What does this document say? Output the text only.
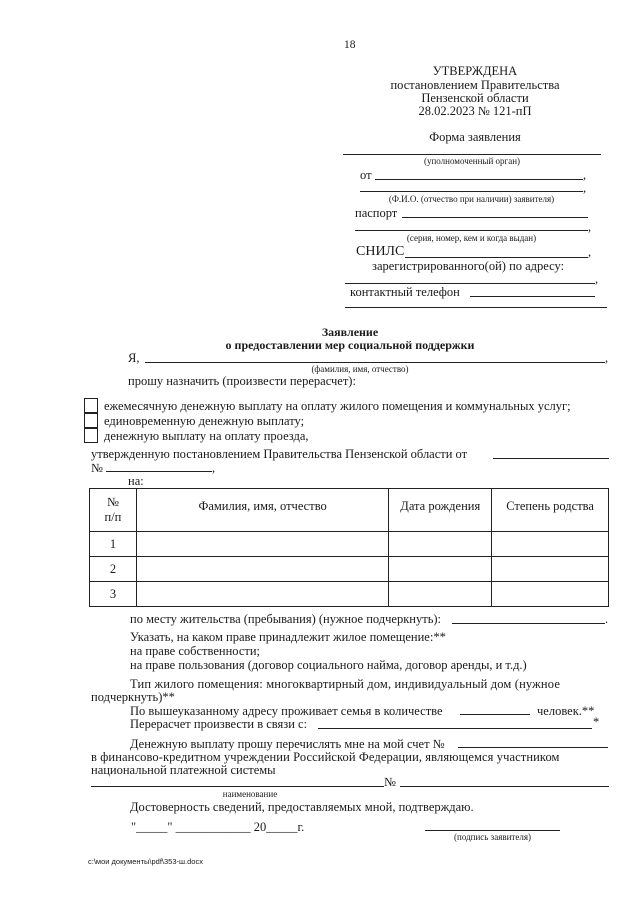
18
УТВЕРЖДЕНА
постановлением Правительства
Пензенской области
28.02.2023 № 121-пП
Форма заявления
(уполномоченный орган)
от	,
,
(Ф.И.О. (отчество при наличии) заявителя)
паспорт
,
(серия, номер, кем и когда выдан)
СНИЛС	,
зарегистрированного(ой) по адресу:
,
контактный телефон
Заявление
о предоставлении мер социальной поддержки
Я,	,
(фамилия, имя, отчество)
прошу назначить (произвести перерасчет):
ежемесячную денежную выплату на оплату жилого помещения и коммунальных услуг;
единовременную денежную выплату;
денежную выплату на оплату проезда,
утвержденную постановлением Правительства Пензенской области от
№	,
на:
№
п/п	Фамилия, имя, отчество	Дата рождения	Степень родства
1			
2			
3			
по месту жительства (пребывания) (нужное подчеркнуть):	.
Указать, на каком праве принадлежит жилое помещение:**
на праве собственности;
на праве пользования (договор социального найма, договор аренды, и т.д.)
Тип жилого помещения: многоквартирный дом, индивидуальный дом (нужное
подчеркнуть)**
По вышеуказанному адресу проживает семья в количестве	человек.**
Перерасчет произвести в связи с:	*
Денежную выплату прошу перечислять мне на мой счет №
в финансово-кредитном учреждении Российской Федерации, являющемся участником
национальной платежной системы
№
наименование
Достоверность сведений, предоставляемых мной, подтверждаю.
"_____" ____________ 20_____г.
(подпись заявителя)
c:\мои документы\pdf\353-ш.docx
